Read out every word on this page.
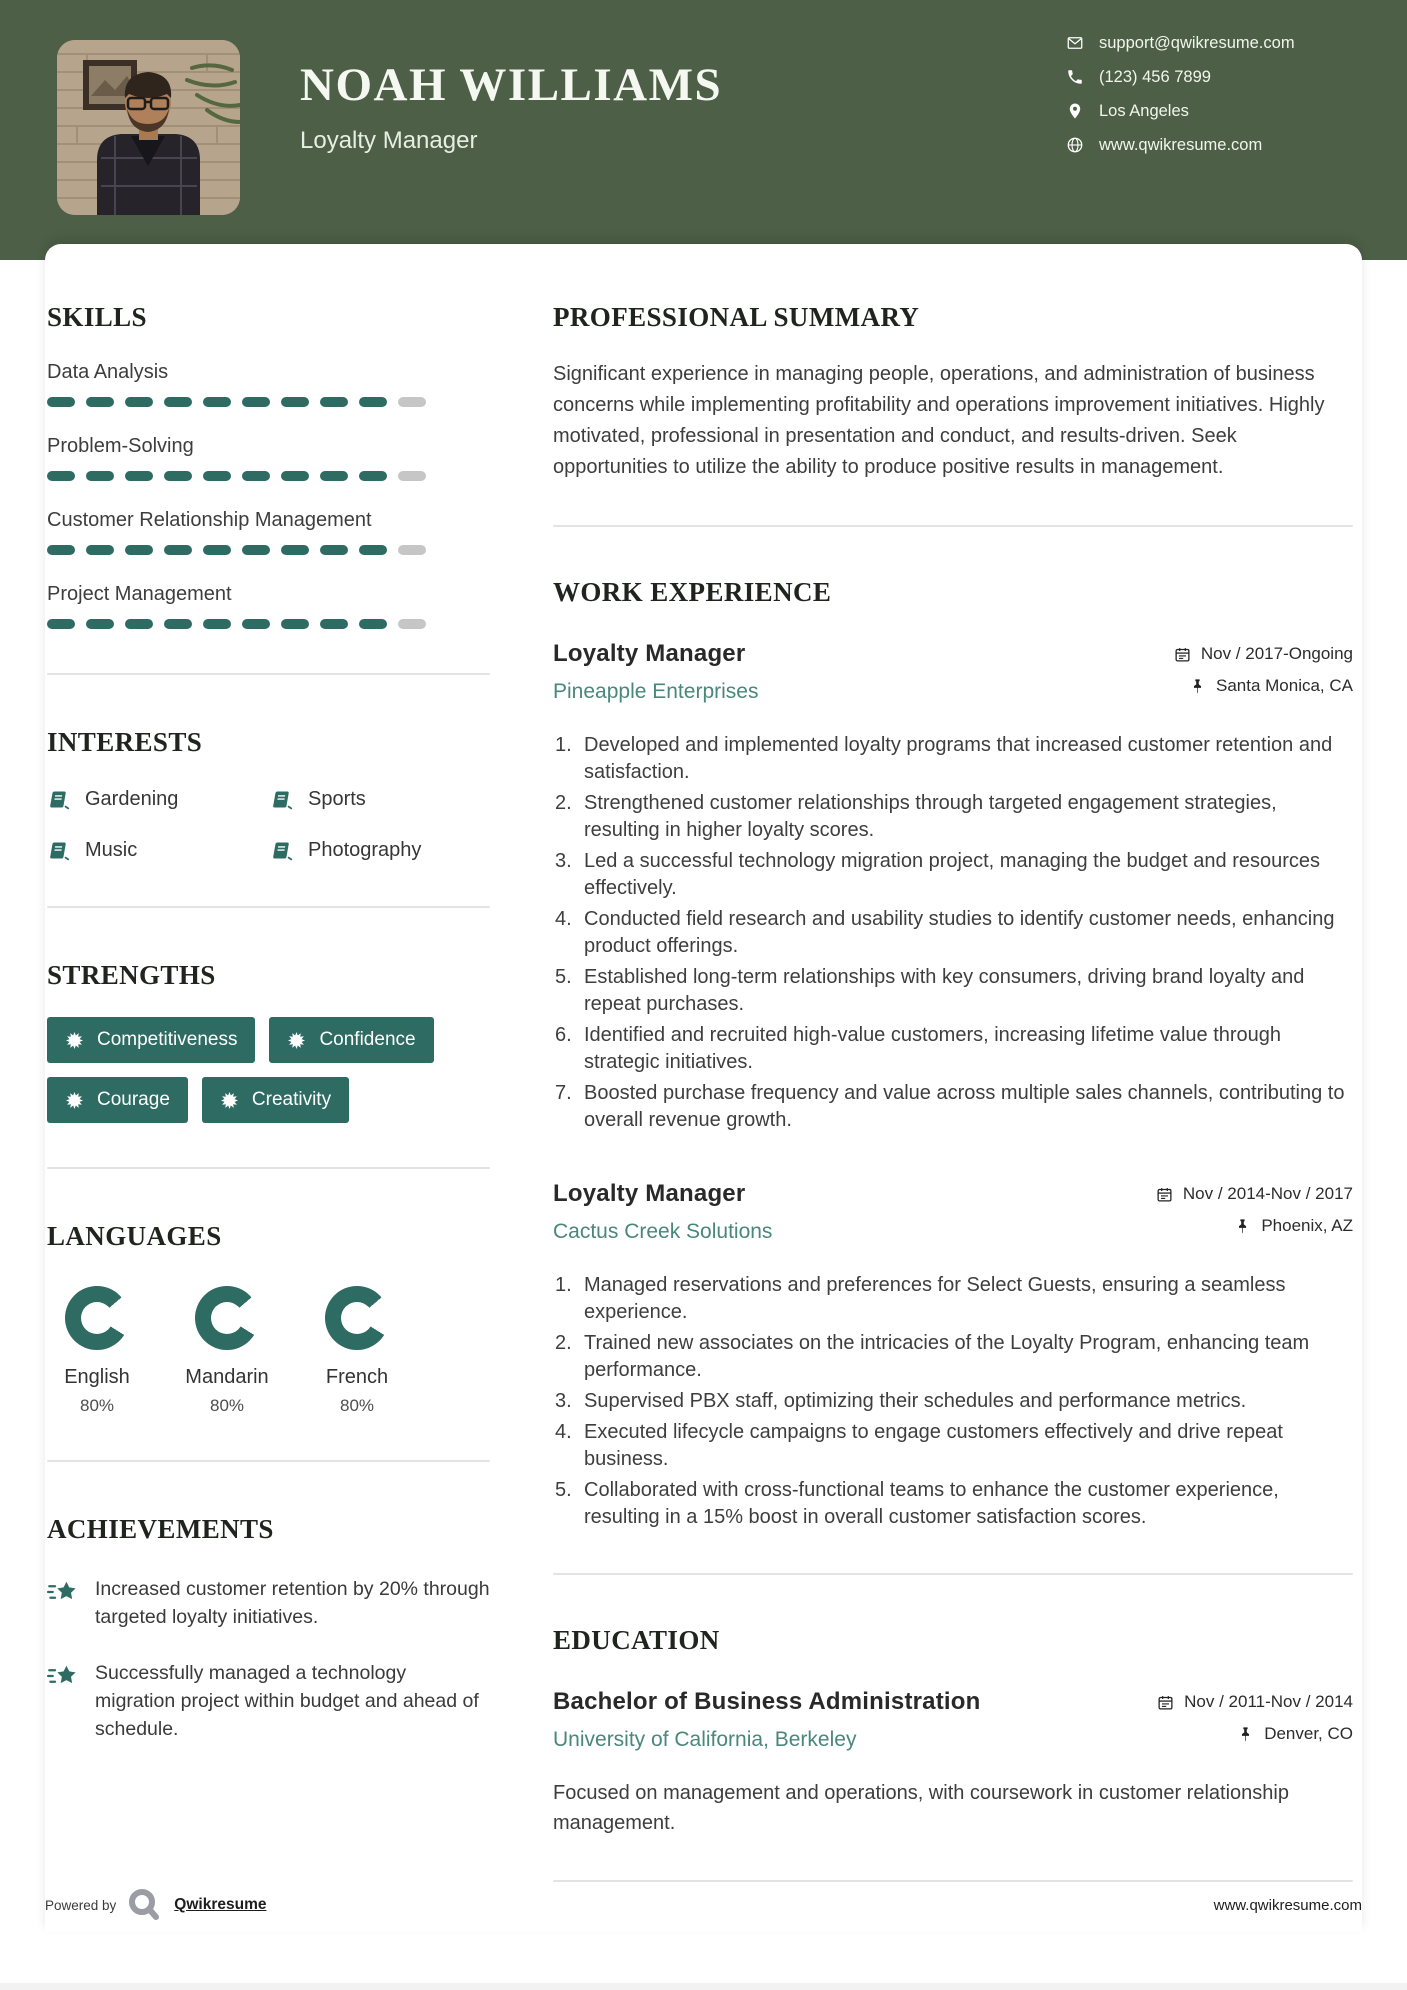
NOAH WILLIAMS
Loyalty Manager
support@qwikresume.com
(123) 456 7899
Los Angeles
www.qwikresume.com
SKILLS
Data Analysis
Problem-Solving
Customer Relationship Management
Project Management
INTERESTS
Gardening	Sports
Music	Photography
STRENGTHS
Competitiveness	Confidence
Courage	Creativity
LANGUAGES
English
80%
Mandarin
80%
French
80%
ACHIEVEMENTS
Increased customer retention by 20% through targeted loyalty initiatives.
Successfully managed a technology migration project within budget and ahead of schedule.
PROFESSIONAL SUMMARY

Significant experience in managing people, operations, and administration of business concerns while implementing profitability and operations improvement initiatives. Highly motivated, professional in presentation and conduct, and results-driven. Seek opportunities to utilize the ability to produce positive results in management.

WORK EXPERIENCE
Loyalty Manager
Pineapple Enterprises
Nov / 2017-Ongoing
Santa Monica, CA
Developed and implemented loyalty programs that increased customer retention and satisfaction.
Strengthened customer relationships through targeted engagement strategies, resulting in higher loyalty scores.
Led a successful technology migration project, managing the budget and resources effectively.
Conducted field research and usability studies to identify customer needs, enhancing product offerings.
Established long-term relationships with key consumers, driving brand loyalty and repeat purchases.
Identified and recruited high-value customers, increasing lifetime value through strategic initiatives.
Boosted purchase frequency and value across multiple sales channels, contributing to overall revenue growth.
Loyalty Manager
Cactus Creek Solutions
Nov / 2014-Nov / 2017
Phoenix, AZ
Managed reservations and preferences for Select Guests, ensuring a seamless experience.
Trained new associates on the intricacies of the Loyalty Program, enhancing team performance.
Supervised PBX staff, optimizing their schedules and performance metrics.
Executed lifecycle campaigns to engage customers effectively and drive repeat business.
Collaborated with cross-functional teams to enhance the customer experience, resulting in a 15% boost in overall customer satisfaction scores.
EDUCATION
Bachelor of Business Administration
University of California, Berkeley
Nov / 2011-Nov / 2014
Denver, CO

Focused on management and operations, with coursework in customer relationship management.

Powered by	Qwikresume	www.qwikresume.com
